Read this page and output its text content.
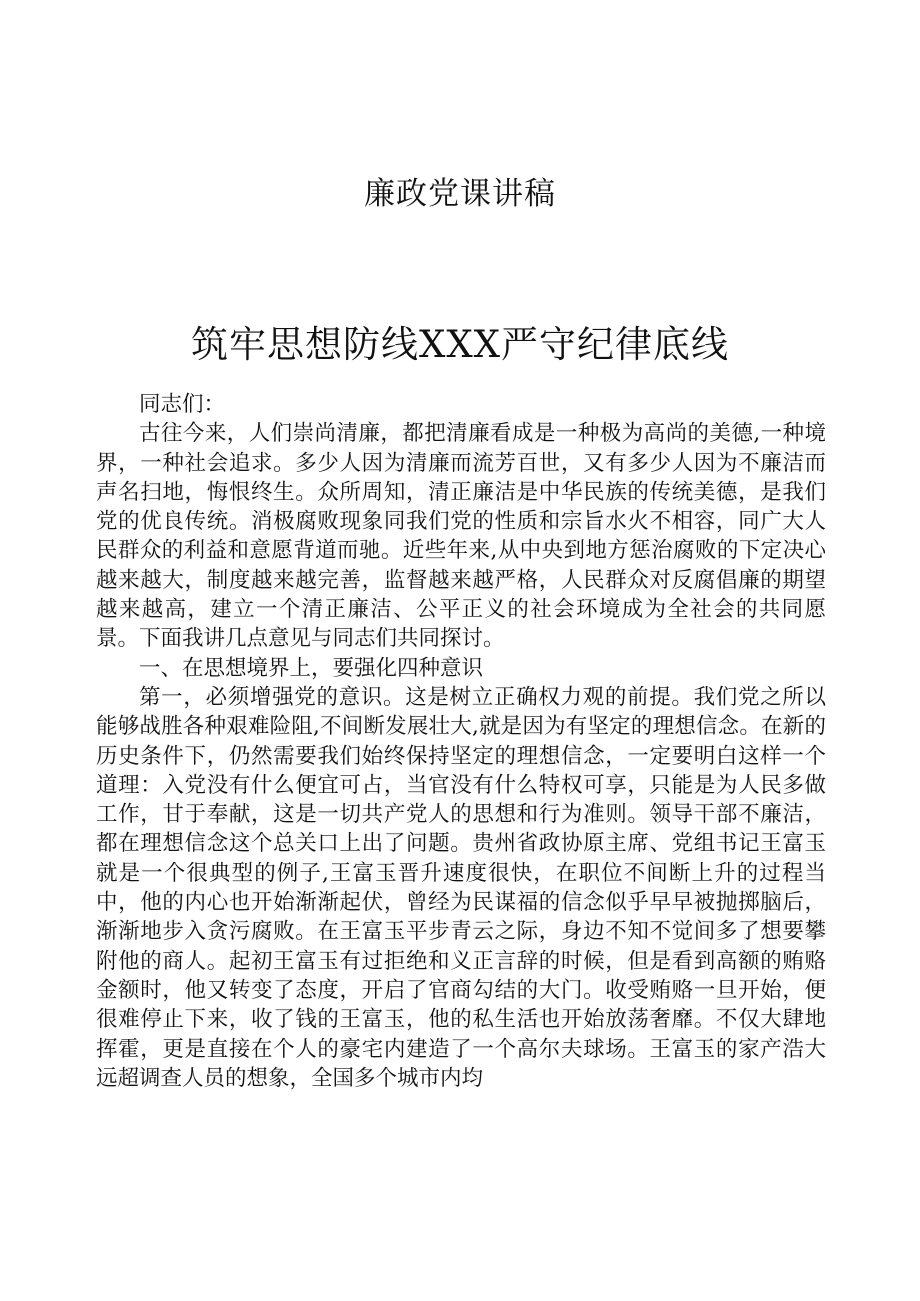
廉政党课讲稿
筑牢思想防线XXX严守纪律底线

同志们：

古往今来，人们崇尚清廉，都把清廉看成是一种极为高尚的美德,一种境界，一种社会追求。多少人因为清廉而流芳百世，又有多少人因为不廉洁而声名扫地，悔恨终生。众所周知，清正廉洁是中华民族的传统美德，是我们党的优良传统。消极腐败现象同我们党的性质和宗旨水火不相容，同广大人民群众的利益和意愿背道而驰。近些年来,从中央到地方惩治腐败的下定决心越来越大，制度越来越完善，监督越来越严格，人民群众对反腐倡廉的期望越来越高，建立一个清正廉洁、公平正义的社会环境成为全社会的共同愿景。下面我讲几点意见与同志们共同探讨。

一、在思想境界上，要强化四种意识

第一，必须增强党的意识。这是树立正确权力观的前提。我们党之所以能够战胜各种艰难险阻,不间断发展壮大,就是因为有坚定的理想信念。在新的历史条件下，仍然需要我们始终保持坚定的理想信念，一定要明白这样一个道理：入党没有什么便宜可占，当官没有什么特权可享，只能是为人民多做工作，甘于奉献，这是一切共产党人的思想和行为准则。领导干部不廉洁，都在理想信念这个总关口上出了问题。贵州省政协原主席、党组书记王富玉就是一个很典型的例子,王富玉晋升速度很快，在职位不间断上升的过程当中，他的内心也开始渐渐起伏，曾经为民谋福的信念似乎早早被抛掷脑后，渐渐地步入贪污腐败。在王富玉平步青云之际，身边不知不觉间多了想要攀附他的商人。起初王富玉有过拒绝和义正言辞的时候，但是看到高额的贿赂金额时，他又转变了态度，开启了官商勾结的大门。收受贿赂一旦开始，便很难停止下来，收了钱的王富玉，他的私生活也开始放荡奢靡。不仅大肆地挥霍，更是直接在个人的豪宅内建造了一个高尔夫球场。王富玉的家产浩大远超调查人员的想象，全国多个城市内均
